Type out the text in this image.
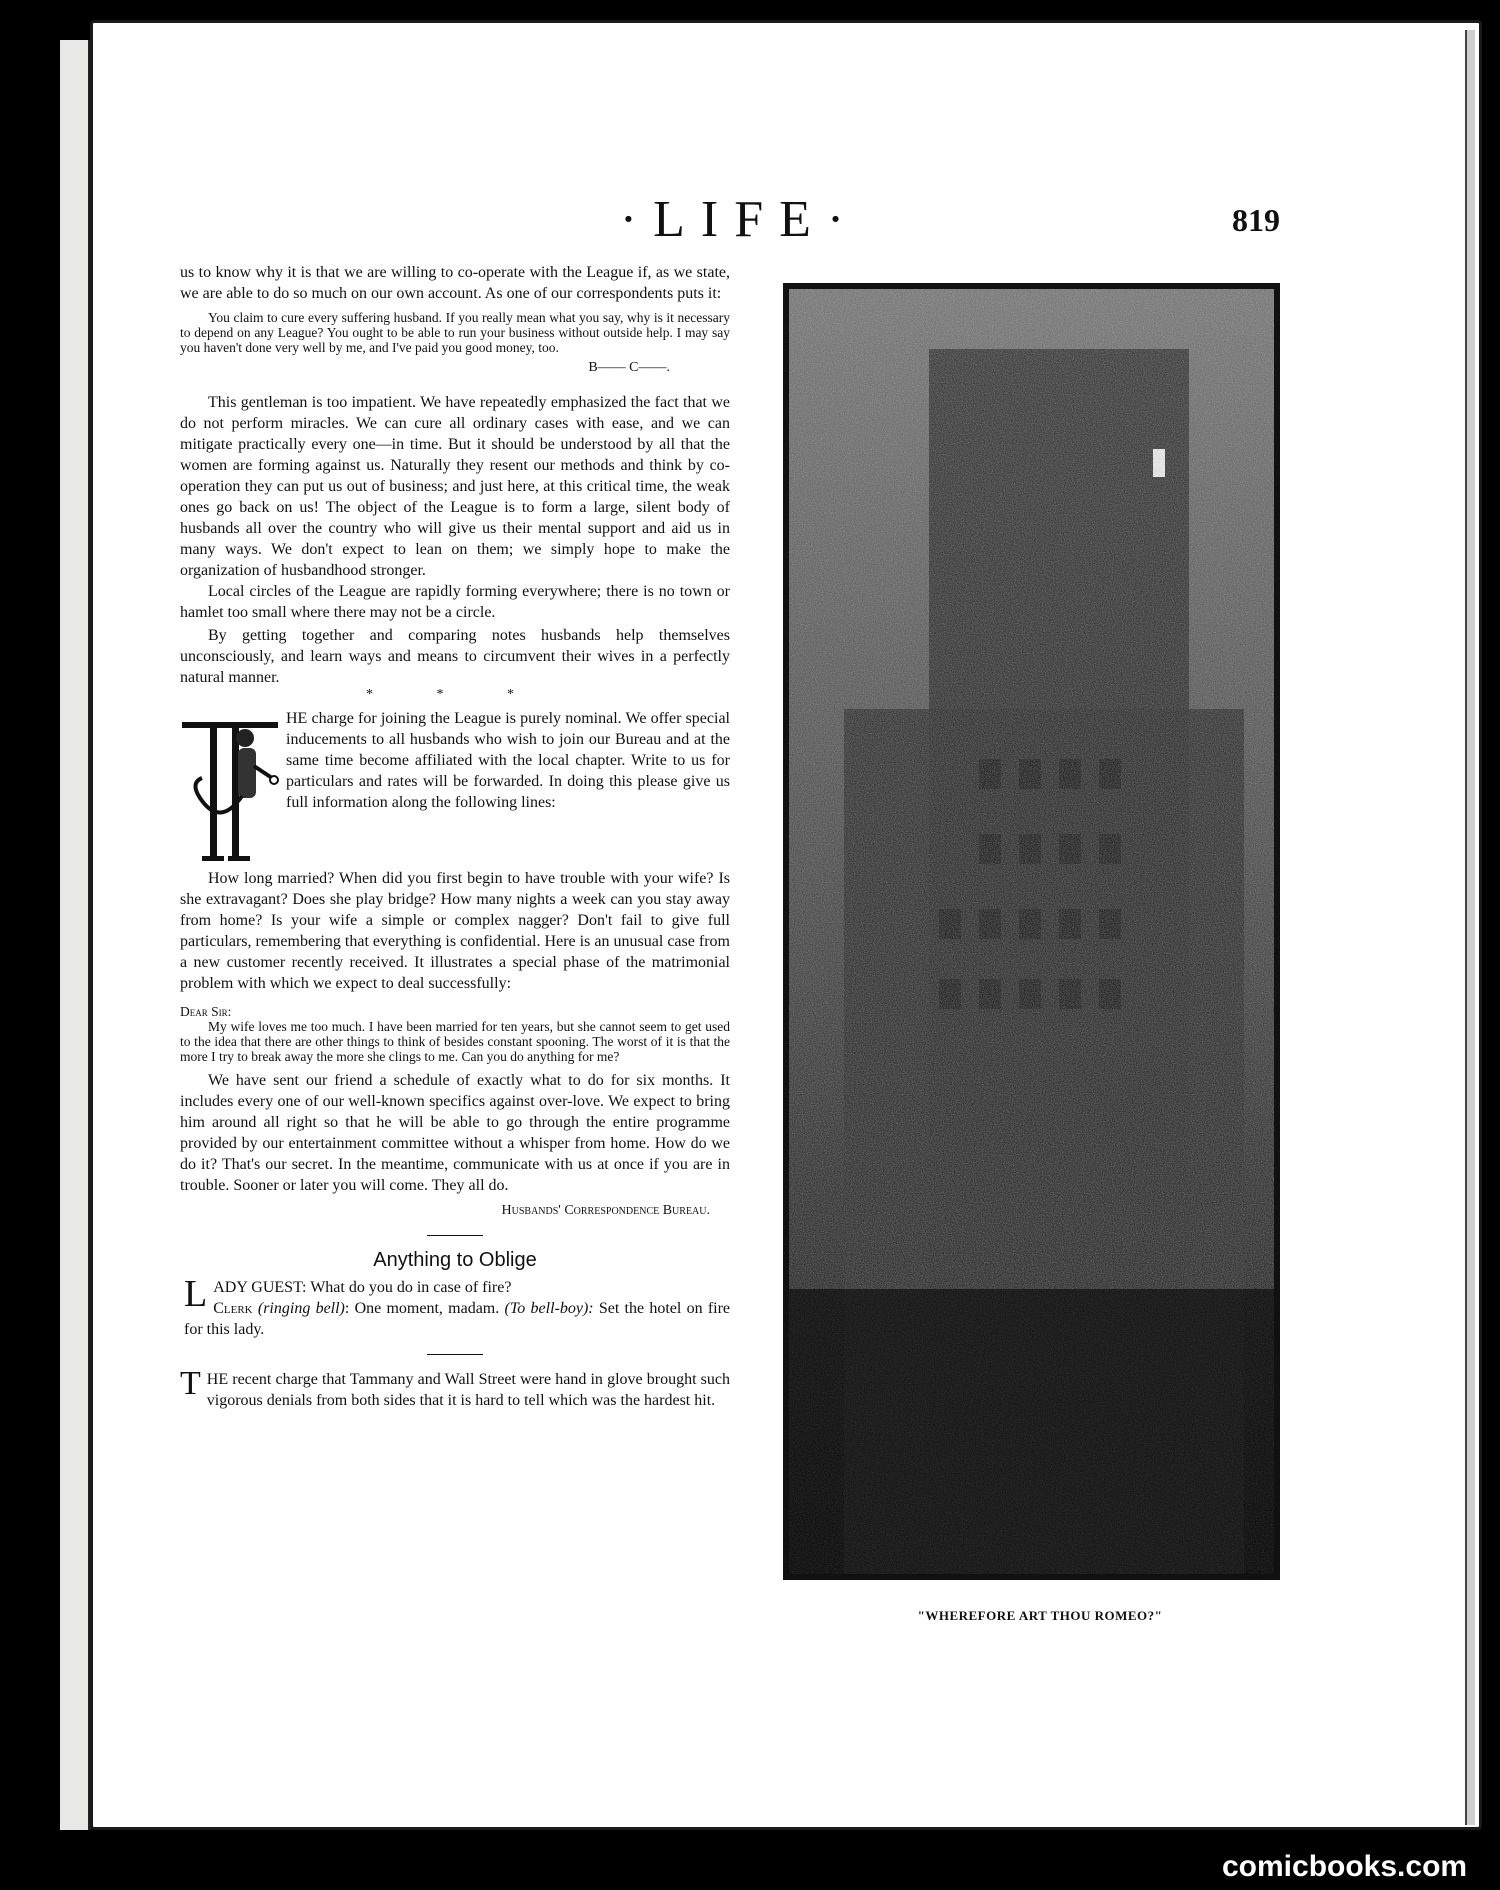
·LIFE·	819

us to know why it is that we are willing to co-operate with the League if, as we state, we are able to do so much on our own account. As one of our correspondents puts it:

You claim to cure every suffering husband. If you really mean what you say, why is it necessary to depend on any League? You ought to be able to run your business without outside help. I may say you haven't done very well by me, and I've paid you good money, too.

B—— C——.

This gentleman is too impatient. We have repeatedly emphasized the fact that we do not perform miracles. We can cure all ordinary cases with ease, and we can mitigate practically every one—in time. But it should be understood by all that the women are forming against us. Naturally they resent our methods and think by co-operation they can put us out of business; and just here, at this critical time, the weak ones go back on us! The object of the League is to form a large, silent body of husbands all over the country who will give us their mental support and aid us in many ways. We don't expect to lean on them; we simply hope to make the organization of husbandhood stronger.

Local circles of the League are rapidly forming everywhere; there is no town or hamlet too small where there may not be a circle.

By getting together and comparing notes husbands help themselves unconsciously, and learn ways and means to circumvent their wives in a perfectly natural manner.

* * *

HE charge for joining the League is purely nominal. We offer special inducements to all husbands who wish to join our Bureau and at the same time become affiliated with the local chapter. Write to us for particulars and rates will be forwarded. In doing this please give us full information along the following lines:

How long married? When did you first begin to have trouble with your wife? Is she extravagant? Does she play bridge? How many nights a week can you stay away from home? Is your wife a simple or complex nagger? Don't fail to give full particulars, remembering that everything is confidential. Here is an unusual case from a new customer recently received. It illustrates a special phase of the matrimonial problem with which we expect to deal successfully:

Dear Sir:

My wife loves me too much. I have been married for ten years, but she cannot seem to get used to the idea that there are other things to think of besides constant spooning. The worst of it is that the more I try to break away the more she clings to me. Can you do anything for me?

We have sent our friend a schedule of exactly what to do for six months. It includes every one of our well-known specifics against over-love. We expect to bring him around all right so that he will be able to go through the entire programme provided by our entertainment committee without a whisper from home. How do we do it? That's our secret. In the meantime, communicate with us at once if you are in trouble. Sooner or later you will come. They all do.

Husbands' Correspondence Bureau.

Anything to Oblige

L ADY GUEST: What do you do in case of fire?
Clerk (ringing bell): One moment, madam. (To bell-boy): Set the hotel on fire for this lady.

T HE recent charge that Tammany and Wall Street were hand in glove brought such vigorous denials from both sides that it is hard to tell which was the hardest hit.

G.I.
"WHEREFORE ART THOU ROMEO?"
comicbooks.com
